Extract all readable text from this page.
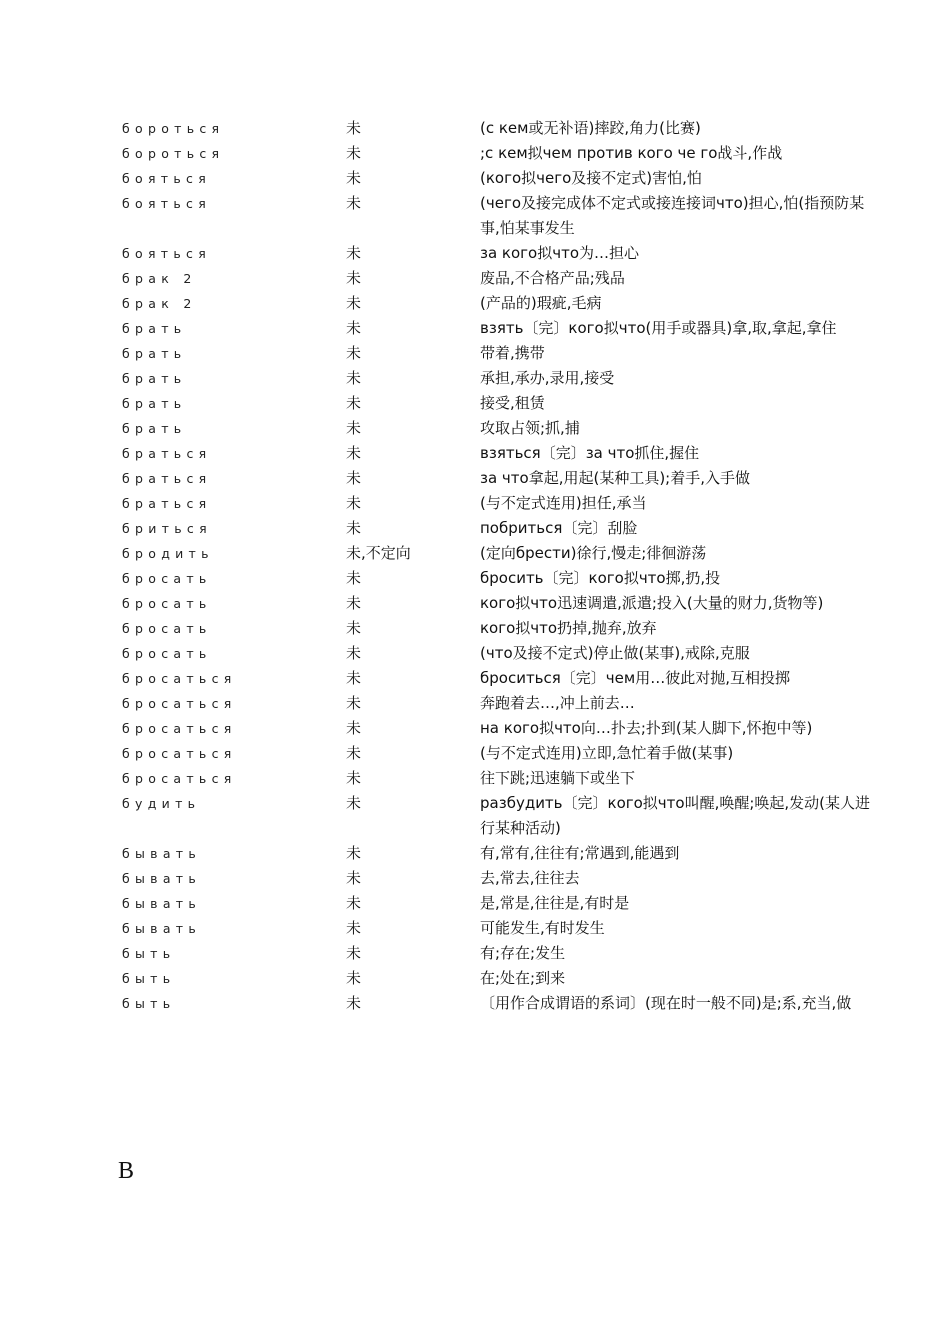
бороться	未	(с кем或无补语)摔跤,角力(比赛)
бороться	未	;с кем拟чем против кого че го战斗,作战
бояться	未	(кого拟чего及接不定式)害怕,怕
бояться	未	(чего及接完成体不定式或接连接词что)担心,怕(指预防某事,怕某事发生
бояться	未	за кого拟что为…担心
брак 2	未	废品,不合格产品;残品
брак 2	未	(产品的)瑕疵,毛病
брать	未	взять〔完〕кого拟что(用手或器具)拿,取,拿起,拿住
брать	未	带着,携带
брать	未	承担,承办,录用,接受
брать	未	接受,租赁
брать	未	攻取占领;抓,捕
браться	未	взяться〔完〕за что抓住,握住
браться	未	за что拿起,用起(某种工具);着手,入手做
браться	未	(与不定式连用)担任,承当
бриться	未	побриться〔完〕刮脸
бродить	未,不定向	(定向брести)徐行,慢走;徘徊游荡
бросать	未	бросить〔完〕кого拟что掷,扔,投
бросать	未	кого拟что迅速调遣,派遣;投入(大量的财力,货物等)
бросать	未	кого拟что扔掉,抛弃,放弃
бросать	未	(что及接不定式)停止做(某事),戒除,克服
бросаться	未	броситься〔完〕чем用…彼此对抛,互相投掷
бросаться	未	奔跑着去…,冲上前去…
бросаться	未	на кого拟что向…扑去;扑到(某人脚下,怀抱中等)
бросаться	未	(与不定式连用)立即,急忙着手做(某事)
бросаться	未	往下跳;迅速躺下或坐下
будить	未	разбудить〔完〕кого拟что叫醒,唤醒;唤起,发动(某人进行某种活动)
бывать	未	有,常有,往往有;常遇到,能遇到
бывать	未	去,常去,往往去
бывать	未	是,常是,往往是,有时是
бывать	未	可能发生,有时发生
быть	未	有;存在;发生
быть	未	在;处在;到来
быть	未	〔用作合成谓语的系词〕(现在时一般不同)是;系,充当,做
B
